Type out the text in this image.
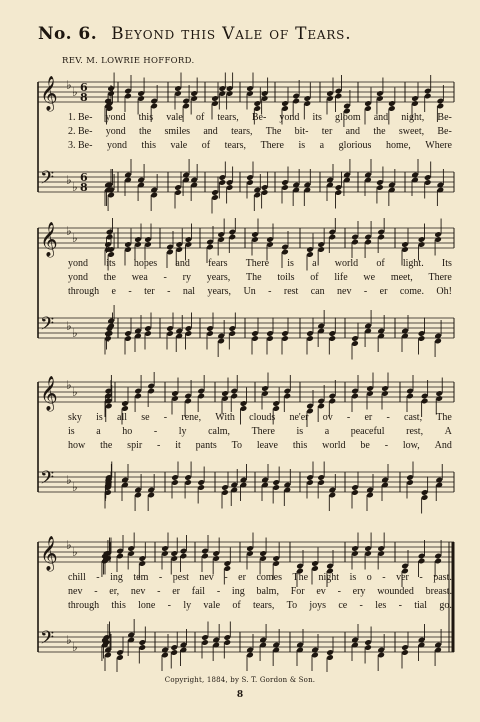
No. 6. Beyond this Vale of Tears.
REV. M. LOWRIE HOFFORD.
𝄞
𝄢
♭ ♭
♭ ♭
6
8
6
8
1. Be- yond this vale of tears, Be- yond its gloom and night, Be-
2. Be- yond the smiles and tears, The bit- ter and the sweet, Be-
3. Be- yond this vale of tears, There is a glorious home, Where
𝄞
𝄢
♭ ♭
♭ ♭
yond its hopes and fears There is a world of light. Its
yond the wea - ry years, The toils of life we meet, There
through e - ter - nal years, Un - rest can nev - er come. Oh!
𝄞
𝄢
♭ ♭
♭ ♭
sky is all se - rene, With clouds ne'er ov - er - cast, The
is a ho - ly calm, There is a peaceful rest, A
how the spir - it pants To leave this world be - low, And
𝄞
𝄢
♭ ♭
♭ ♭
chill - ing tem - pest nev - er comes The night is o - ver - past.
nev - er, nev - er fail - ing balm, For ev - ery wounded breast.
through this lone - ly vale of tears, To joys ce - les - tial go.
Copyright, 1884, by S. T. Gordon & Son.
8
